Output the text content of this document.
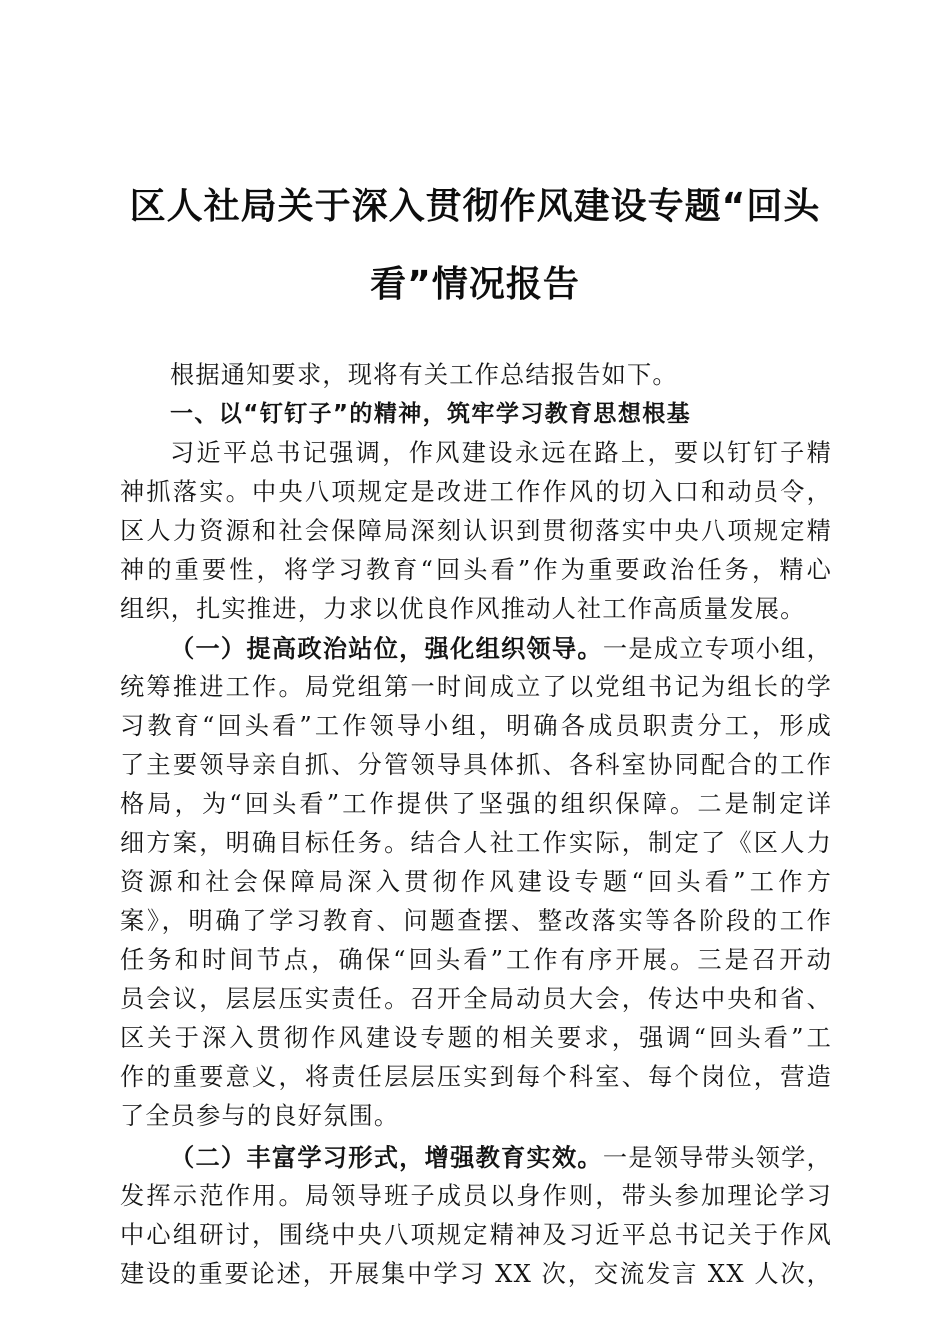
区人社局关于深入贯彻作风建设专题“回头
看”情况报告
根据通知要求，现将有关工作总结报告如下。
一、以“钉钉子”的精神，筑牢学习教育思想根基
习近平总书记强调，作风建设永远在路上，要以钉钉子精
神抓落实。中央八项规定是改进工作作风的切入口和动员令，
区人力资源和社会保障局深刻认识到贯彻落实中央八项规定精
神的重要性，将学习教育“回头看”作为重要政治任务，精心
组织，扎实推进，力求以优良作风推动人社工作高质量发展。
（一）提高政治站位，强化组织领导。一是成立专项小组，
统筹推进工作。局党组第一时间成立了以党组书记为组长的学
习教育“回头看”工作领导小组，明确各成员职责分工，形成
了主要领导亲自抓、分管领导具体抓、各科室协同配合的工作
格局，为“回头看”工作提供了坚强的组织保障。二是制定详
细方案，明确目标任务。结合人社工作实际，制定了《区人力
资源和社会保障局深入贯彻作风建设专题“回头看”工作方
案》，明确了学习教育、问题查摆、整改落实等各阶段的工作
任务和时间节点，确保“回头看”工作有序开展。三是召开动
员会议，层层压实责任。召开全局动员大会，传达中央和省、
区关于深入贯彻作风建设专题的相关要求，强调“回头看”工
作的重要意义，将责任层层压实到每个科室、每个岗位，营造
了全员参与的良好氛围。
（二）丰富学习形式，增强教育实效。一是领导带头领学，
发挥示范作用。局领导班子成员以身作则，带头参加理论学习
中心组研讨，围绕中央八项规定精神及习近平总书记关于作风
建设的重要论述，开展集中学习 XX 次，交流发言 XX 人次，
